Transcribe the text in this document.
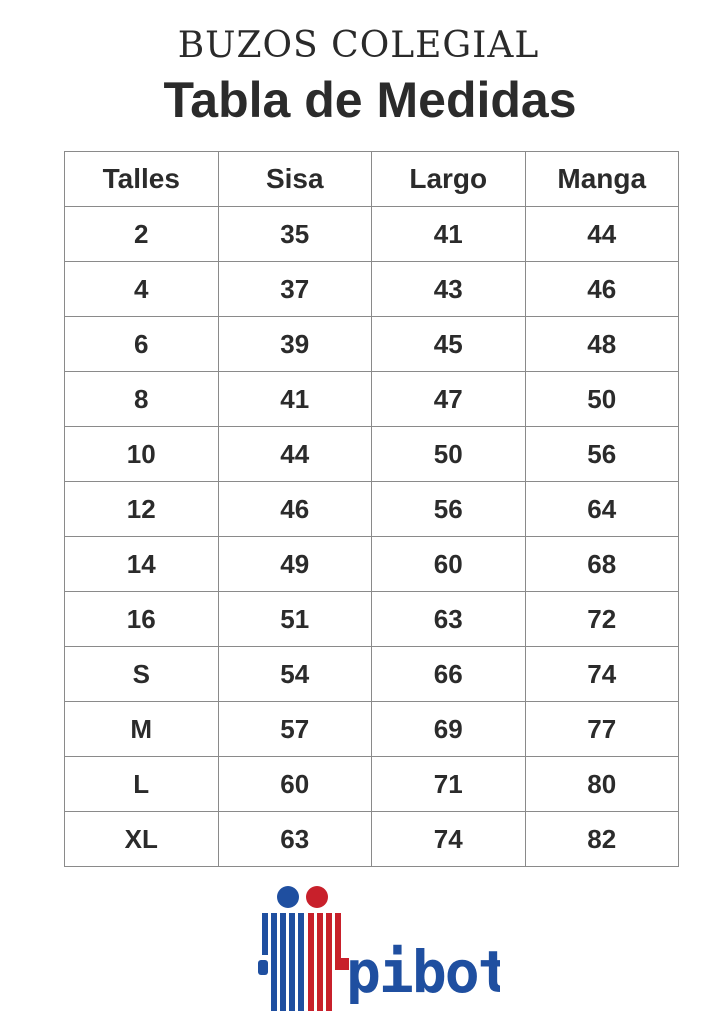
BUZOS COLEGIAL
Tabla de Medidas
Talles	Sisa	Largo	Manga
2	35	41	44
4	37	43	46
6	39	45	48
8	41	47	50
10	44	50	56
12	46	56	64
14	49	60	68
16	51	63	72
S	54	66	74
M	57	69	77
L	60	71	80
XL	63	74	82
pibot
